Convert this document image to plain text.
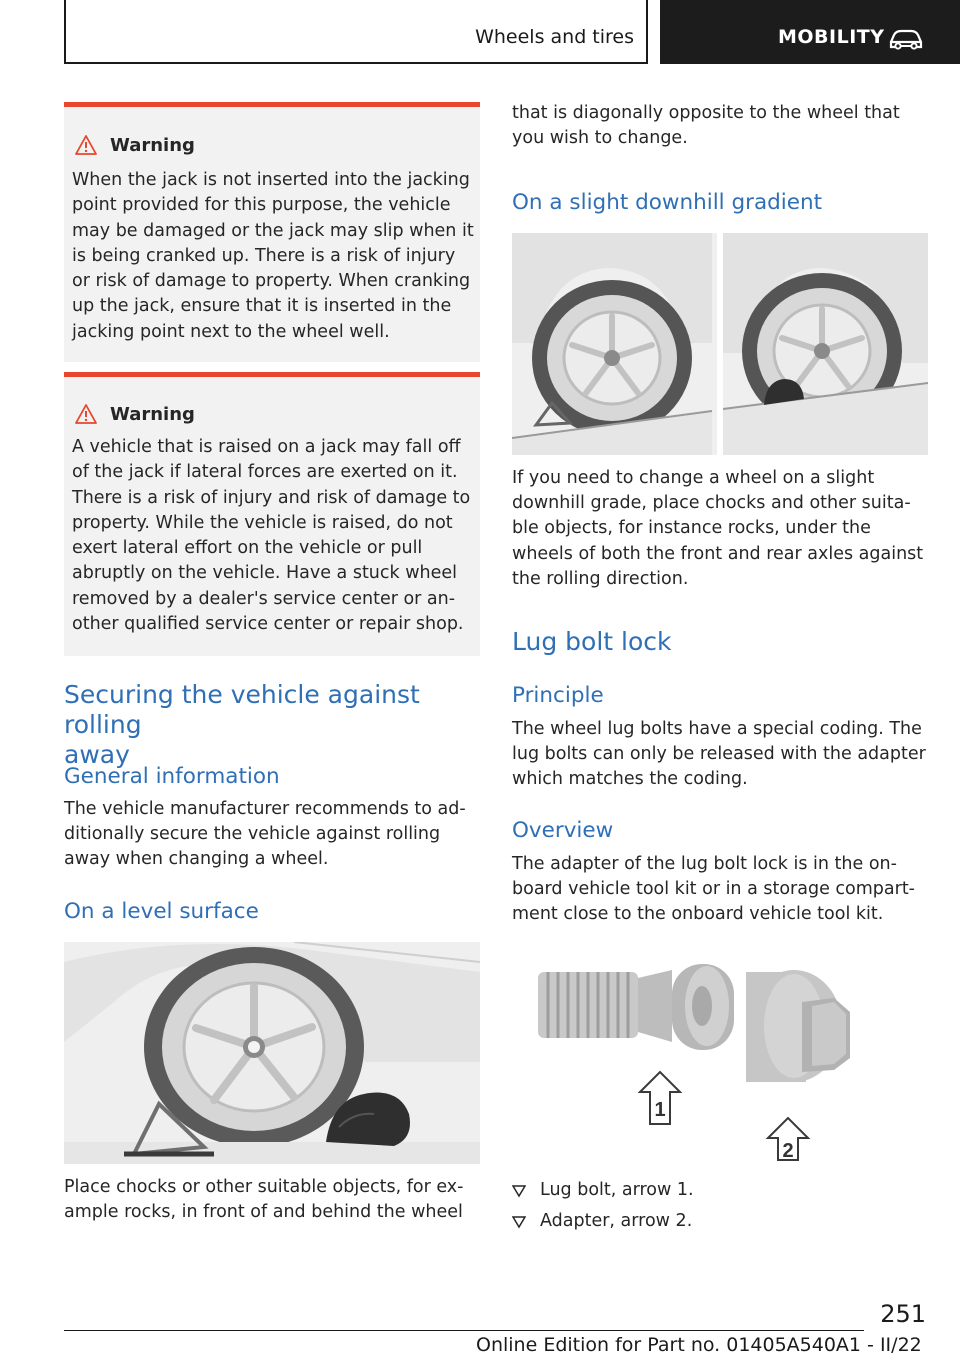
Wheels and tires	MOBILITY
Warning
When the jack is not inserted into the jacking
point provided for this purpose, the vehicle
may be damaged or the jack may slip when it
is being cranked up. There is a risk of injury
or risk of damage to property. When cranking
up the jack, ensure that it is inserted in the
jacking point next to the wheel well.
Warning
A vehicle that is raised on a jack may fall off
of the jack if lateral forces are exerted on it.
There is a risk of injury and risk of damage to
property. While the vehicle is raised, do not
exert lateral effort on the vehicle or pull
abruptly on the vehicle. Have a stuck wheel
removed by a dealer's service center or an-
other qualified service center or repair shop.
Securing the vehicle against rolling
away
General information
The vehicle manufacturer recommends to ad-
ditionally secure the vehicle against rolling
away when changing a wheel.
On a level surface
Place chocks or other suitable objects, for ex-
ample rocks, in front of and behind the wheel
that is diagonally opposite to the wheel that
you wish to change.
On a slight downhill gradient
If you need to change a wheel on a slight
downhill grade, place chocks and other suita-
ble objects, for instance rocks, under the
wheels of both the front and rear axles against
the rolling direction.
Lug bolt lock
Principle
The wheel lug bolts have a special coding. The
lug bolts can only be released with the adapter
which matches the coding.
Overview
The adapter of the lug bolt lock is in the on-
board vehicle tool kit or in a storage compart-
ment close to the onboard vehicle tool kit.
1
2
Lug bolt, arrow 1.
Adapter, arrow 2.
251
Online Edition for Part no. 01405A540A1 - II/22
